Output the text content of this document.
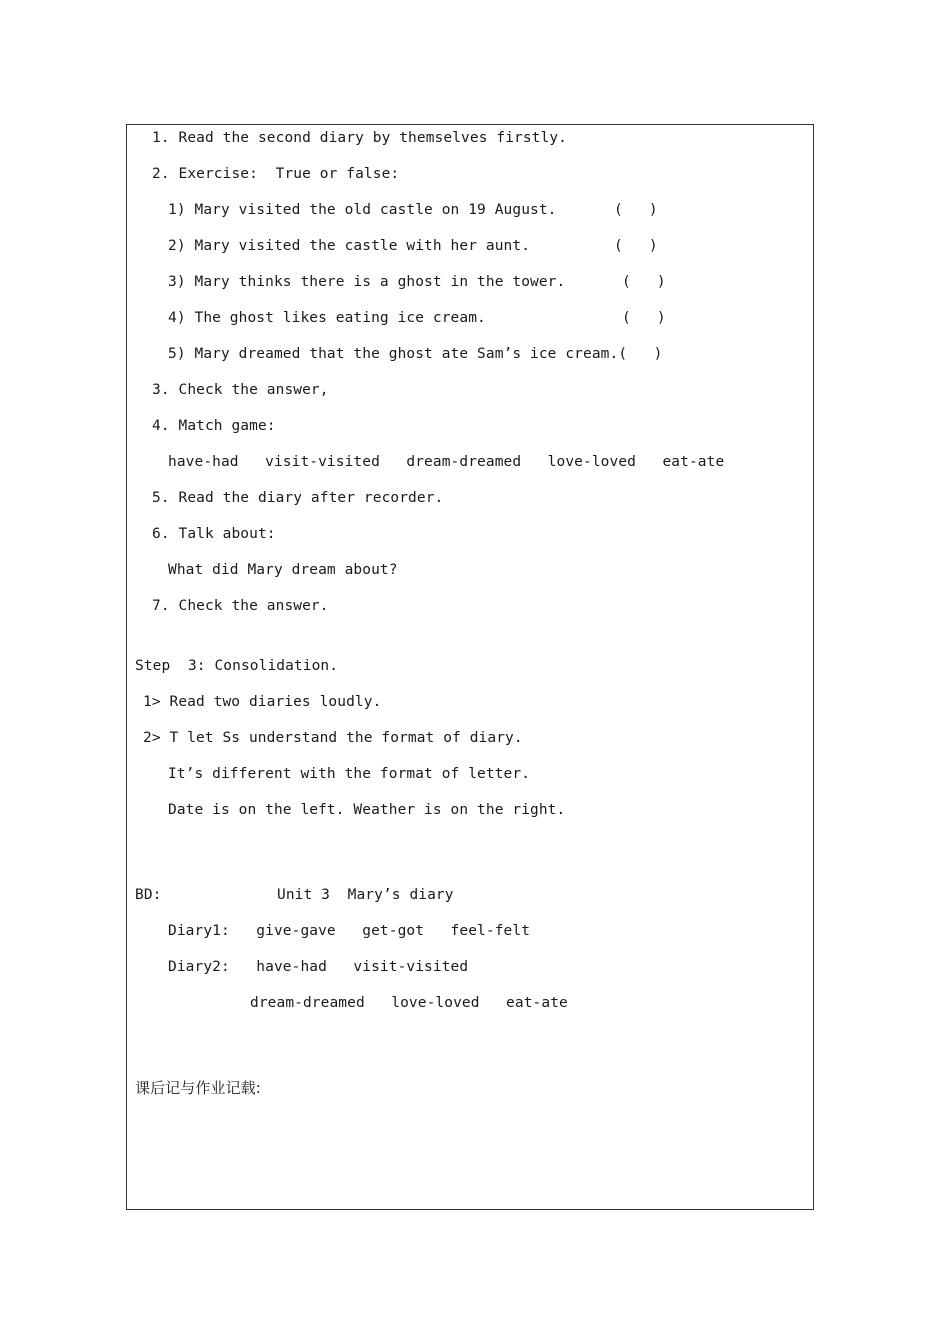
1. Read the second diary by themselves firstly.
2. Exercise:  True or false:
1) Mary visited the old castle on 19 August.	(   )
2) Mary visited the castle with her aunt.	(   )
3) Mary thinks there is a ghost in the tower.	(   )
4) The ghost likes eating ice cream.	(   )
5) Mary dreamed that the ghost ate Sam’s ice cream.(   )
3. Check the answer,
4. Match game:
have-had   visit-visited   dream-dreamed   love-loved   eat-ate
5. Read the diary after recorder.
6. Talk about:
What did Mary dream about?
7. Check the answer.
Step  3: Consolidation.
1> Read two diaries loudly.
2> T let Ss understand the format of diary.
It’s different with the format of letter.
Date is on the left. Weather is on the right.
BD:	Unit 3  Mary’s diary
Diary1:   give-gave   get-got   feel-felt
Diary2:   have-had   visit-visited
dream-dreamed   love-loved   eat-ate
课后记与作业记载:
